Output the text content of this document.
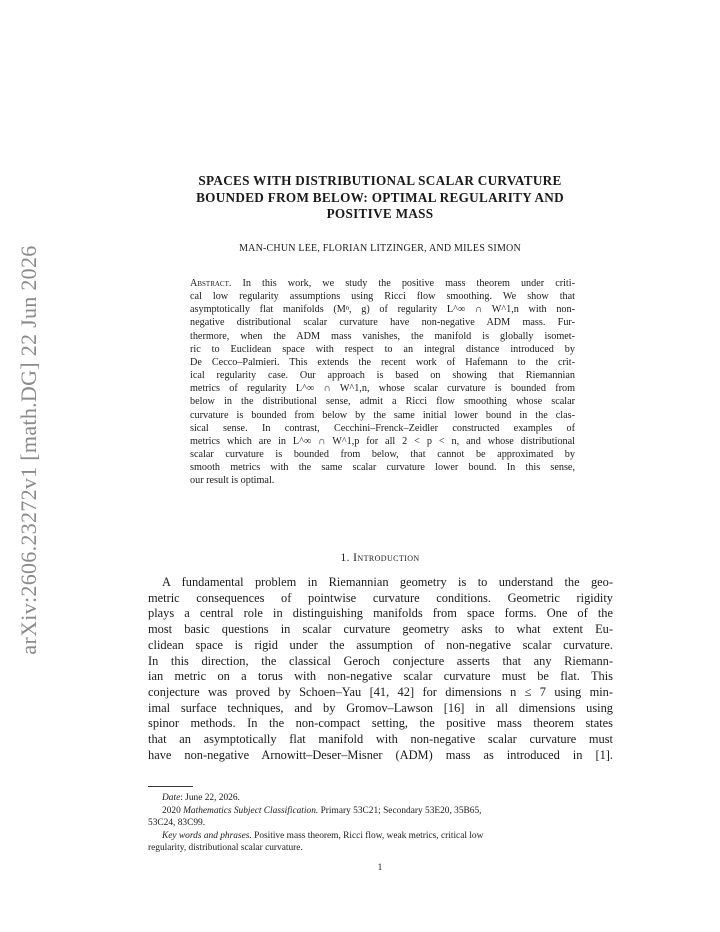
arXiv:2606.23272v1 [math.DG] 22 Jun 2026
SPACES WITH DISTRIBUTIONAL SCALAR CURVATURE
BOUNDED FROM BELOW: OPTIMAL REGULARITY AND
POSITIVE MASS
MAN-CHUN LEE, FLORIAN LITZINGER, AND MILES SIMON
Abstract. In this work, we study the positive mass theorem under criti-
cal low regularity assumptions using Ricci flow smoothing. We show that
asymptotically flat manifolds (Mⁿ, g) of regularity L^∞ ∩ W^1,n with non-
negative distributional scalar curvature have non-negative ADM mass. Fur-
thermore, when the ADM mass vanishes, the manifold is globally isomet-
ric to Euclidean space with respect to an integral distance introduced by
De Cecco–Palmieri. This extends the recent work of Hafemann to the crit-
ical regularity case. Our approach is based on showing that Riemannian
metrics of regularity L^∞ ∩ W^1,n, whose scalar curvature is bounded from
below in the distributional sense, admit a Ricci flow smoothing whose scalar
curvature is bounded from below by the same initial lower bound in the clas-
sical sense. In contrast, Cecchini–Frenck–Zeidler constructed examples of
metrics which are in L^∞ ∩ W^1,p for all 2 < p < n, and whose distributional
scalar curvature is bounded from below, that cannot be approximated by
smooth metrics with the same scalar curvature lower bound. In this sense,
our result is optimal.
1. Introduction
A fundamental problem in Riemannian geometry is to understand the geo-
metric consequences of pointwise curvature conditions. Geometric rigidity
plays a central role in distinguishing manifolds from space forms. One of the
most basic questions in scalar curvature geometry asks to what extent Eu-
clidean space is rigid under the assumption of non-negative scalar curvature.
In this direction, the classical Geroch conjecture asserts that any Riemann-
ian metric on a torus with non-negative scalar curvature must be flat. This
conjecture was proved by Schoen–Yau [41, 42] for dimensions n ≤ 7 using min-
imal surface techniques, and by Gromov–Lawson [16] in all dimensions using
spinor methods. In the non-compact setting, the positive mass theorem states
that an asymptotically flat manifold with non-negative scalar curvature must
have non-negative Arnowitt–Deser–Misner (ADM) mass as introduced in [1].
Date: June 22, 2026.
2020 Mathematics Subject Classification. Primary 53C21; Secondary 53E20, 35B65,
53C24, 83C99.
Key words and phrases. Positive mass theorem, Ricci flow, weak metrics, critical low
regularity, distributional scalar curvature.
1
